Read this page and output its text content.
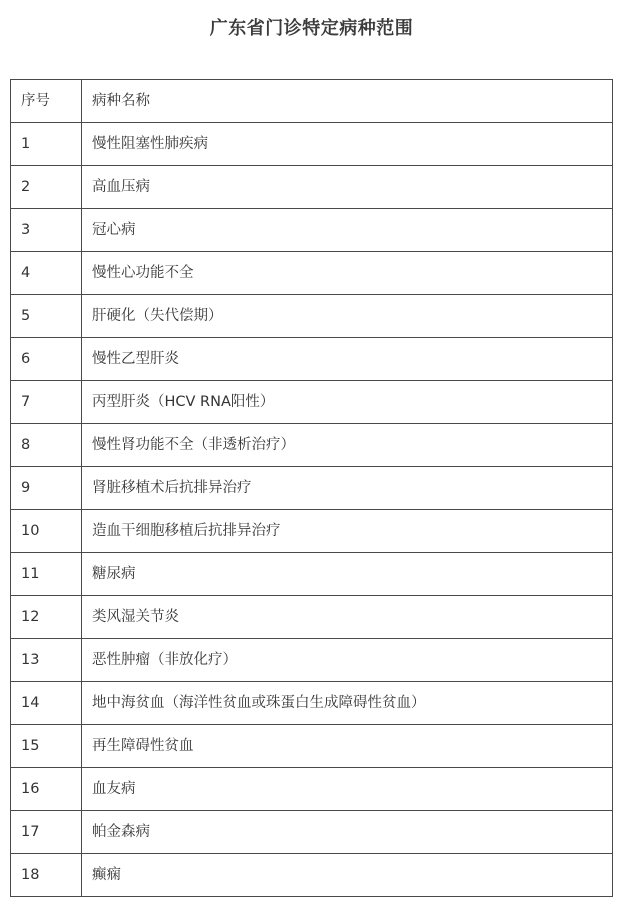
广东省门诊特定病种范围
序号	病种名称
1	慢性阻塞性肺疾病
2	高血压病
3	冠心病
4	慢性心功能不全
5	肝硬化（失代偿期）
6	慢性乙型肝炎
7	丙型肝炎（HCV RNA阳性）
8	慢性肾功能不全（非透析治疗）
9	肾脏移植术后抗排异治疗
10	造血干细胞移植后抗排异治疗
11	糖尿病
12	类风湿关节炎
13	恶性肿瘤（非放化疗）
14	地中海贫血（海洋性贫血或珠蛋白生成障碍性贫血）
15	再生障碍性贫血
16	血友病
17	帕金森病
18	癫痫
